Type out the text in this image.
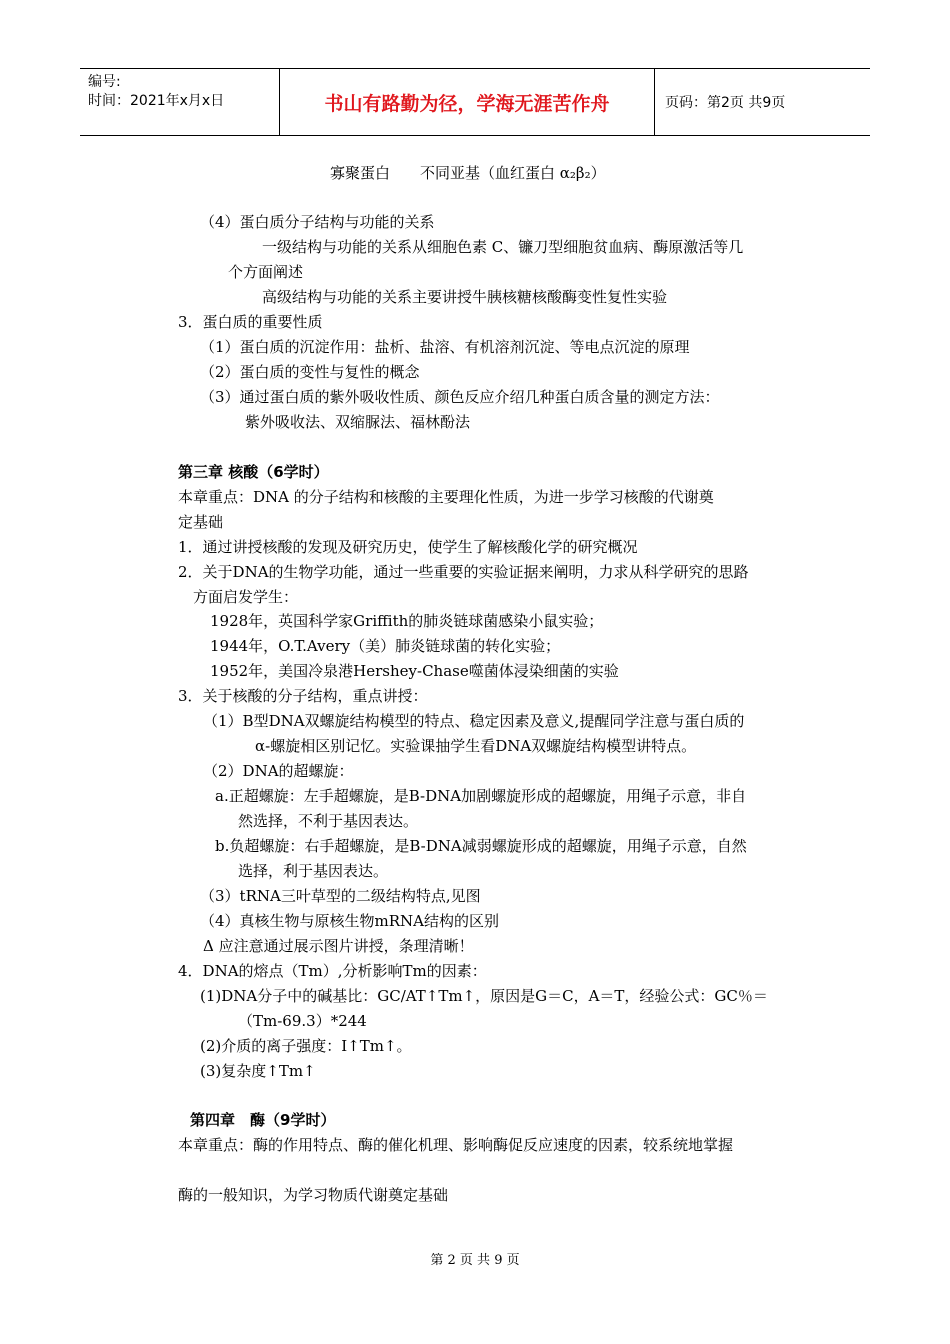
编号:
时间：2021年x月x日	书山有路勤为径，学海无涯苦作舟	页码：第2页 共9页
寡聚蛋白　　不同亚基（血红蛋白 α₂β₂）
（4）蛋白质分子结构与功能的关系
一级结构与功能的关系从细胞色素 C、镰刀型细胞贫血病、酶原激活等几
个方面阐述
高级结构与功能的关系主要讲授牛胰核糖核酸酶变性复性实验
3．蛋白质的重要性质
（1）蛋白质的沉淀作用：盐析、盐溶、有机溶剂沉淀、等电点沉淀的原理
（2）蛋白质的变性与复性的概念
（3）通过蛋白质的紫外吸收性质、颜色反应介绍几种蛋白质含量的测定方法：
紫外吸收法、双缩脲法、福林酚法
第三章 核酸（6学时）
本章重点：DNA 的分子结构和核酸的主要理化性质，为进一步学习核酸的代谢奠
定基础
1．通过讲授核酸的发现及研究历史，使学生了解核酸化学的研究概况
2．关于DNA的生物学功能，通过一些重要的实验证据来阐明，力求从科学研究的思路
方面启发学生：
1928年，英国科学家Griffith的肺炎链球菌感染小鼠实验；
1944年，O.T.Avery（美）肺炎链球菌的转化实验；
1952年，美国冷泉港Hershey-Chase噬菌体浸染细菌的实验
3．关于核酸的分子结构，重点讲授：
（1）B型DNA双螺旋结构模型的特点、稳定因素及意义,提醒同学注意与蛋白质的
α-螺旋相区别记忆。实验课抽学生看DNA双螺旋结构模型讲特点。
（2）DNA的超螺旋：
a.正超螺旋：左手超螺旋，是B-DNA加剧螺旋形成的超螺旋，用绳子示意，非自
然选择，不利于基因表达。
b.负超螺旋：右手超螺旋，是B-DNA减弱螺旋形成的超螺旋，用绳子示意，自然
选择，利于基因表达。
（3）tRNA三叶草型的二级结构特点,见图
（4）真核生物与原核生物mRNA结构的区别
Δ 应注意通过展示图片讲授，条理清晰！
4．DNA的熔点（Tm）,分析影响Tm的因素：
(1)DNA分子中的碱基比：GC/AT↑Tm↑，原因是G＝C，A＝T，经验公式：GC％＝
（Tm-69.3）*244
(2)介质的离子强度：I↑Tm↑。
(3)复杂度↑Tm↑
第四章　酶（9学时）
本章重点：酶的作用特点、酶的催化机理、影响酶促反应速度的因素，较系统地掌握
酶的一般知识，为学习物质代谢奠定基础
第 2 页 共 9 页
